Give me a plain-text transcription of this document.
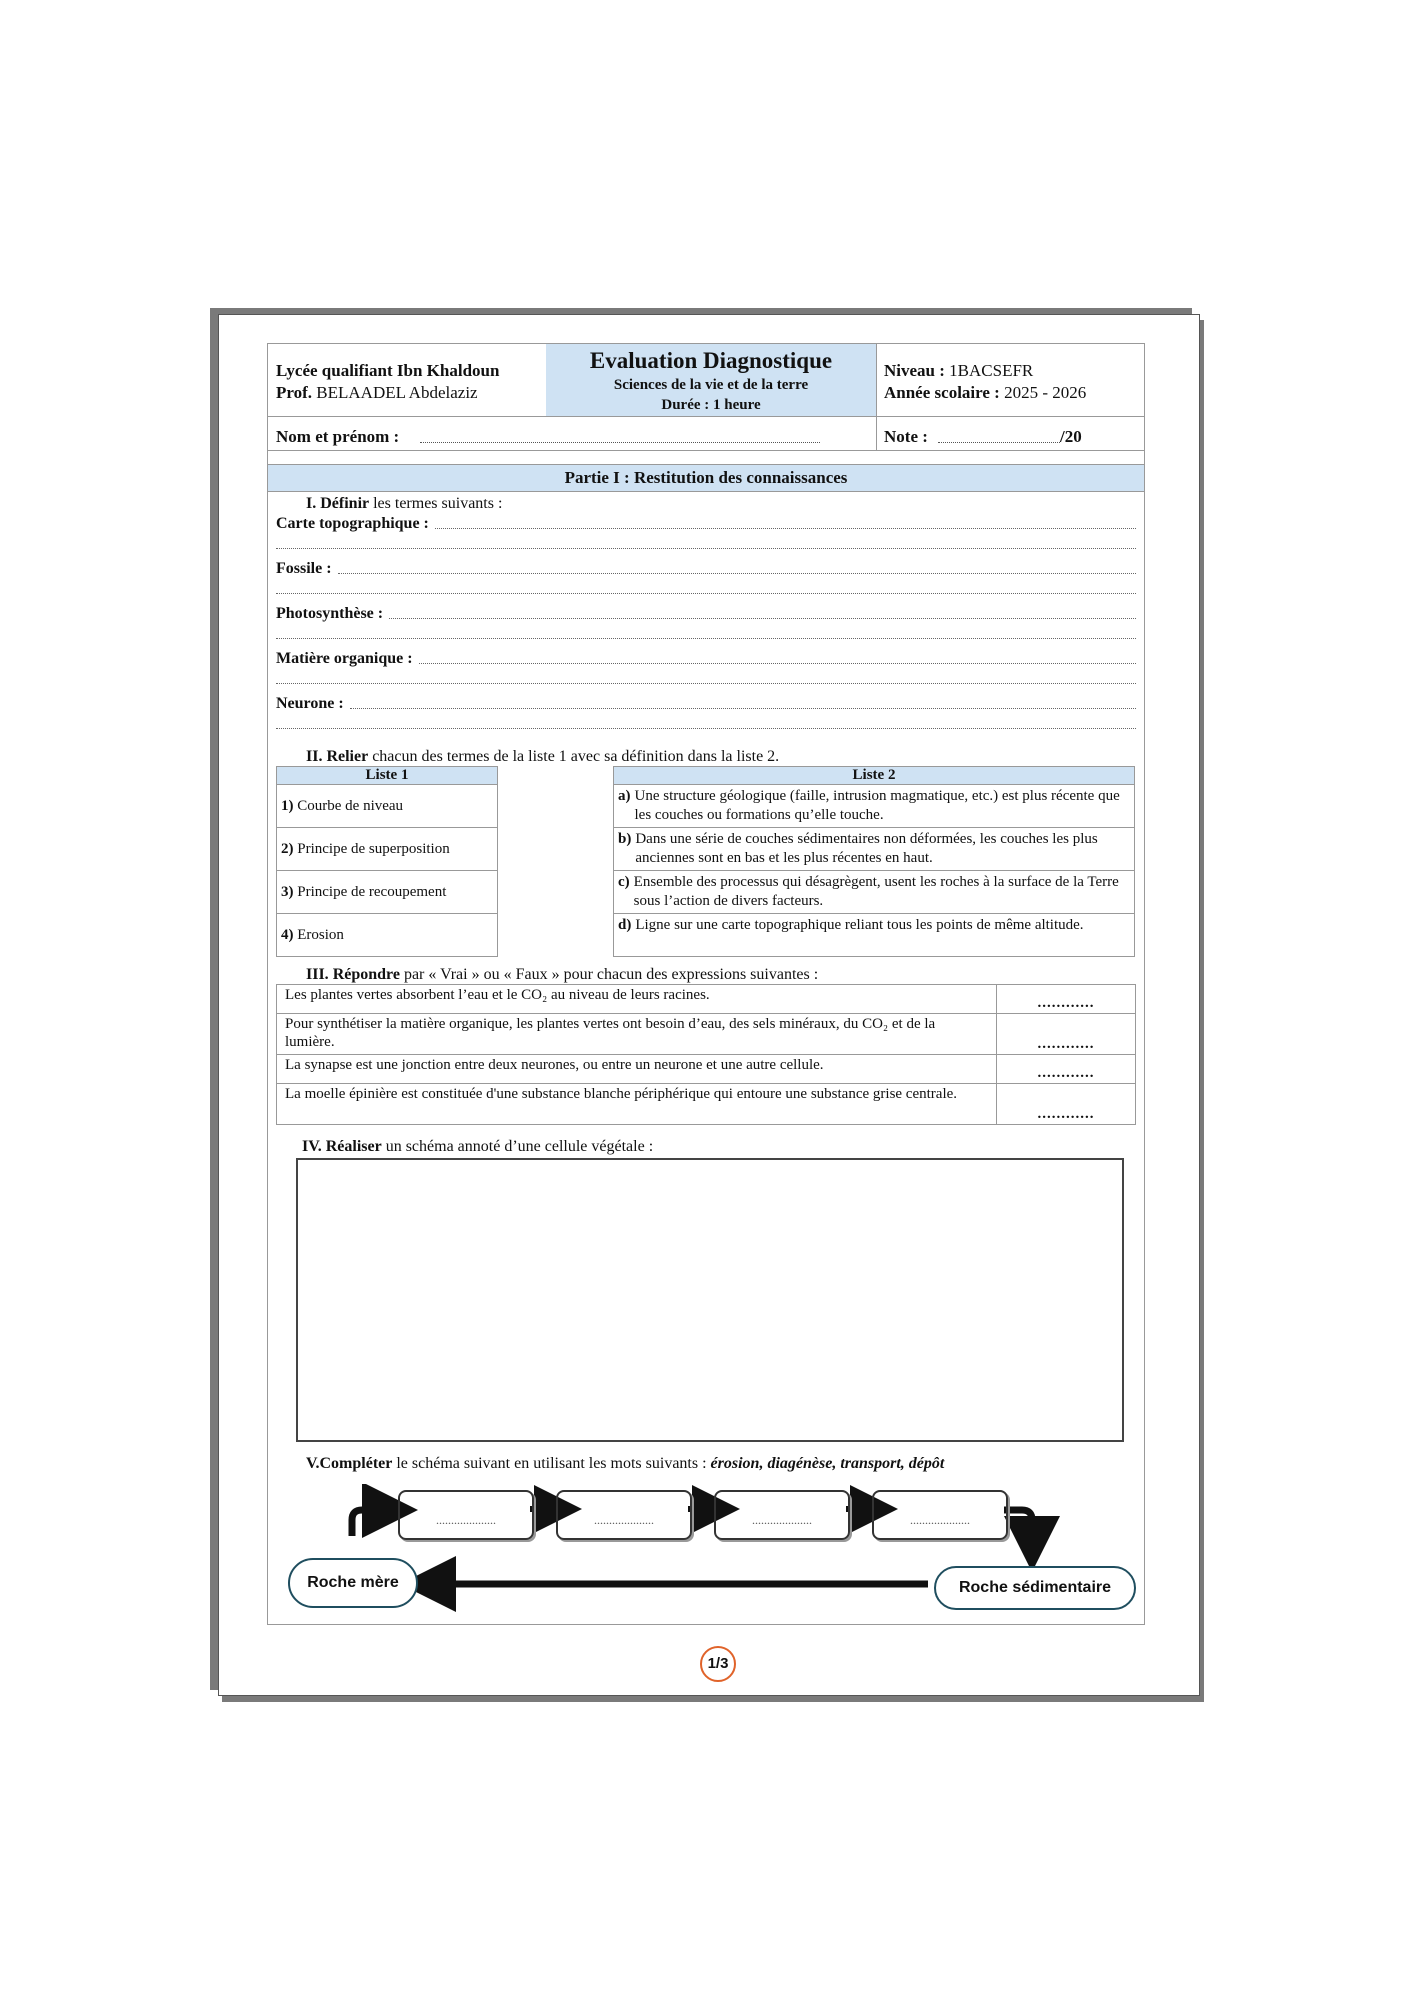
Lycée qualifiant Ibn Khaldoun
Prof. BELAADEL Abdelaziz
Evaluation Diagnostique
Sciences de la vie et de la terre
Durée : 1 heure
Niveau : 1BACSEFR
Année scolaire : 2025 - 2026
Nom et prénom :	Note :	/20
Partie I : Restitution des connaissances
I. Définir les termes suivants :
Carte topographique :
Fossile :
Photosynthèse :
Matière organique :
Neurone :
II. Relier chacun des termes de la liste 1 avec sa définition dans la liste 2.
Liste 1
1) Courbe de niveau
2) Principe de superposition
3) Principe de recoupement
4) Erosion
Liste 2

a) Une structure géologique (faille, intrusion magmatique, etc.) est plus récente que les couches ou formations qu’elle touche.

b) Dans une série de couches sédimentaires non déformées, les couches les plus anciennes sont en bas et les plus récentes en haut.

c) Ensemble des processus qui désagrègent, usent les roches à la surface de la Terre sous l’action de divers facteurs.

d) Ligne sur une carte topographique reliant tous les points de même altitude.
III. Répondre par « Vrai » ou « Faux » pour chacun des expressions suivantes :
Les plantes vertes absorbent l’eau et le CO₂ au niveau de leurs racines.	............
Pour synthétiser la matière organique, les plantes vertes ont besoin d’eau, des sels minéraux, du CO₂ et de la lumière.	............
La synapse est une jonction entre deux neurones, ou entre un neurone et une autre cellule.	............
La moelle épinière est constituée d'une substance blanche périphérique qui entoure une substance grise centrale.	............
IV. Réaliser un schéma annoté d’une cellule végétale :
V.Compléter le schéma suivant en utilisant les mots suivants : érosion, diagénèse, transport, dépôt
....................	....................	....................	....................
Roche mère	Roche sédimentaire
1/3
